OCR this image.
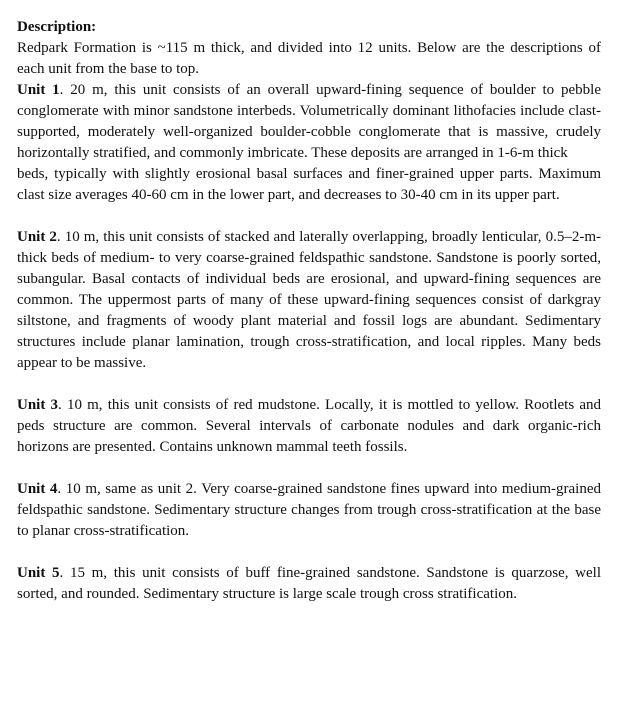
Description:

Redpark Formation is ~115 m thick, and divided into 12 units. Below are the descriptions of each unit from the base to top.

Unit 1. 20 m, this unit consists of an overall upward-fining sequence of boulder to pebble conglomerate with minor sandstone interbeds. Volumetrically dominant lithofacies include clast-supported, moderately well-organized boulder-cobble conglomerate that is massive, crudely horizontally stratified, and commonly imbricate. These deposits are arranged in 1-6-m thick

beds, typically with slightly erosional basal surfaces and finer-grained upper parts. Maximum clast size averages 40-60 cm in the lower part, and decreases to 30-40 cm in its upper part.

Unit 2. 10 m, this unit consists of stacked and laterally overlapping, broadly lenticular, 0.5–2-m-thick beds of medium- to very coarse-grained feldspathic sandstone. Sandstone is poorly sorted, subangular. Basal contacts of individual beds are erosional, and upward-fining sequences are common. The uppermost parts of many of these upward-fining sequences consist of darkgray siltstone, and fragments of woody plant material and fossil logs are abundant. Sedimentary structures include planar lamination, trough cross-stratification, and local ripples. Many beds appear to be massive.

Unit 3. 10 m, this unit consists of red mudstone. Locally, it is mottled to yellow. Rootlets and peds structure are common. Several intervals of carbonate nodules and dark organic-rich horizons are presented. Contains unknown mammal teeth fossils.

Unit 4. 10 m, same as unit 2. Very coarse-grained sandstone fines upward into medium-grained feldspathic sandstone. Sedimentary structure changes from trough cross-stratification at the base to planar cross-stratification.

Unit 5. 15 m, this unit consists of buff fine-grained sandstone. Sandstone is quarzose, well sorted, and rounded. Sedimentary structure is large scale trough cross stratification.
